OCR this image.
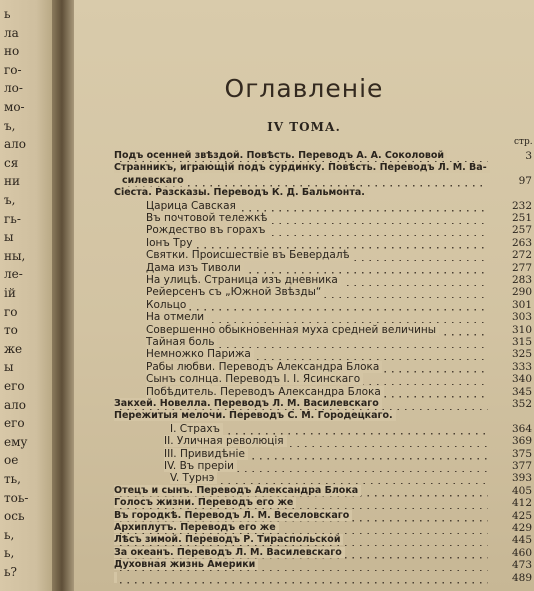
ь
ла
но
го-
ло-
мо-
ъ,
ало
ся
ни
ъ,
гь-
ы
ны,
ле-
ій
го
то
же
ы
его
ало
его
ему
ое
ть,
тоь-
ось
ь,
ь,
ь?
Оглавленіе
IV ТОМА.
стр.
Подъ осенней звѣздой. Повѣсть. Переводъ А. А. Соколовой	3
Странникъ, играющій подъ сурдинку. Повѣсть. Переводъ Л. М. Ва-
силевскаго	97
Сіеста. Разсказы. Переводъ К. Д. Бальмонта.
Царица Савская	232
Въ почтовой тележкѣ	251
Рождество въ горахъ	257
Іонъ Тру	263
Святки. Происшествіе въ Бевердалѣ	272
Дама изъ Тиволи	277
На улицѣ. Страница изъ дневника	283
Рейерсенъ съ „Южной Звѣзды“	290
Кольцо	301
На отмели	303
Совершенно обыкновенная муха средней величины	310
Тайная боль	315
Немножко Парижа	325
Рабы любви. Переводъ Александра Блока	333
Сынъ солнца. Переводъ І. І. Ясинскаго	340
Побѣдитель. Переводъ Александра Блока	345
Закхей. Новелла. Переводъ Л. М. Василевскаго	352
Пережитыя мелочи. Переводъ С. М. Городецкаго.
I. Страхъ	364
II. Уличная революція	369
III. Привидѣніе	375
IV. Въ преріи	377
V. Турнэ	393
Отецъ и сынъ. Переводъ Александра Блока	405
Голосъ жизни. Переводъ его же	412
Въ городкѣ. Переводъ Л. М. Веселовскаго	425
Архиплутъ. Переводъ его же	429
Лѣсъ зимой. Переводъ Р. Тираспольской	445
За океанъ. Переводъ Л. М. Василевскаго	460
Духовная жизнь Америки	473
489
